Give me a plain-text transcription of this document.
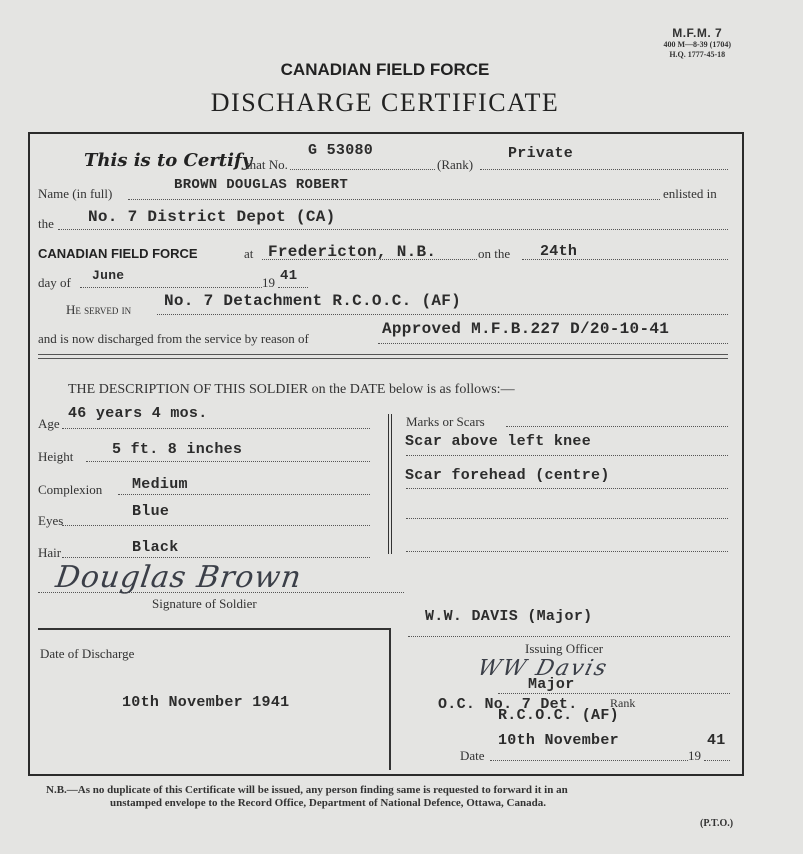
M.F.M. 7
400 M—8-39 (1704)
H.Q. 1777-45-18
CANADIAN FIELD FORCE
DISCHARGE CERTIFICATE
This is to Certify
that No.
G 53080
(Rank)
Private
Name (in full)
BROWN DOUGLAS ROBERT
enlisted in
the No. 7 District Depot (CA)
CANADIAN FIELD FORCE	at Fredericton, N.B.	on the 24th
day of June	19 41
He served in No. 7 Detachment R.C.O.C. (AF)
and is now discharged from the service by reason of
Approved M.F.B.227 D/20-10-41
THE DESCRIPTION OF THIS SOLDIER on the DATE below is as follows:—
Age
46 years 4 mos.
Height	5 ft. 8 inches
Complexion Medium
Eyes
Blue
Hair	Black
Marks or Scars
Scar above left knee
Scar forehead (centre)
Douglas Brown
Signature of Soldier
Date of Discharge
10th November 1941
W.W. DAVIS (Major)
Issuing Officer
WW Davis
Major
Rank
O.C. No. 7 Det.
R.C.O.C. (AF)
10th November	41
Date	19
N.B.—As no duplicate of this Certificate will be issued, any person finding same is requested to forward it in an
unstamped envelope to the Record Office, Department of National Defence, Ottawa, Canada.
(P.T.O.)
